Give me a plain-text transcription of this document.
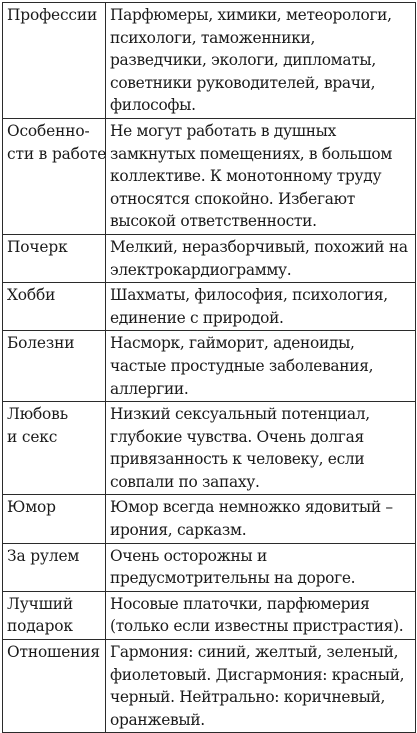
Профессии	Парфюмеры, химики, метеорологи,
психологи, таможенники,
разведчики, экологи, дипломаты,
советники руководителей, врачи,
философы.

Особенно-
сти в работе	Не могут работать в душных
замкнутых помещениях, в большом
коллективе. К монотонному труду
относятся спокойно. Избегают
высокой ответственности.

Почерк	Мелкий, неразборчивый, похожий на
электрокардиограмму.

Хобби	Шахматы, философия, психология,
единение с природой.

Болезни	Насморк, гайморит, аденоиды,
частые простудные заболевания,
аллергии.

Любовь
и секс	Низкий сексуальный потенциал,
глубокие чувства. Очень долгая
привязанность к человеку, если
совпали по запаху.

Юмор	Юмор всегда немножко ядовитый –
ирония, сарказм.

За рулем	Очень осторожны и
предусмотрительны на дороге.

Лучший
подарок	Носовые платочки, парфюмерия
(только если известны пристрастия).

Отношения	Гармония: синий, желтый, зеленый,
фиолетовый. Дисгармония: красный,
черный. Нейтрально: коричневый,
оранжевый.
